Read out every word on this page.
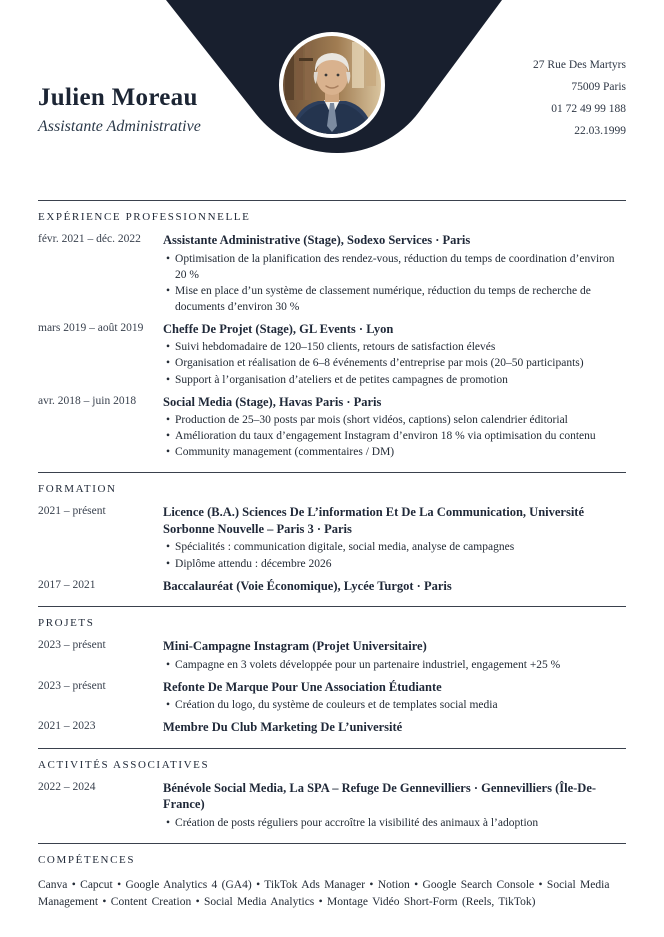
Julien Moreau

Assistante Administrative

27 Rue Des Martyrs
75009 Paris
01 72 49 99 188
22.03.1999
EXPÉRIENCE PROFESSIONNELLE
févr. 2021 – déc. 2022	Assistante Administrative (Stage), Sodexo Services · Paris
• Optimisation de la planification des rendez-vous, réduction du temps de coordination d’environ 20 %
• Mise en place d’un système de classement numérique, réduction du temps de recherche de documents d’environ 30 %
mars 2019 – août 2019	Cheffe De Projet (Stage), GL Events · Lyon
• Suivi hebdomadaire de 120–150 clients, retours de satisfaction élevés
• Organisation et réalisation de 6–8 événements d’entreprise par mois (20–50 participants)
• Support à l’organisation d’ateliers et de petites campagnes de promotion
avr. 2018 – juin 2018	Social Media (Stage), Havas Paris · Paris
• Production de 25–30 posts par mois (short vidéos, captions) selon calendrier éditorial
• Amélioration du taux d’engagement Instagram d’environ 18 % via optimisation du contenu
• Community management (commentaires / DM)
FORMATION
2021 – présent	Licence (B.A.) Sciences De L’information Et De La Communication, Université Sorbonne Nouvelle – Paris 3 · Paris
• Spécialités : communication digitale, social media, analyse de campagnes
• Diplôme attendu : décembre 2026
2017 – 2021	Baccalauréat (Voie Économique), Lycée Turgot · Paris
PROJETS
2023 – présent	Mini-Campagne Instagram (Projet Universitaire)
• Campagne en 3 volets développée pour un partenaire industriel, engagement +25 %
2023 – présent	Refonte De Marque Pour Une Association Étudiante
• Création du logo, du système de couleurs et de templates social media
2021 – 2023	Membre Du Club Marketing De L’université
ACTIVITÉS ASSOCIATIVES
2022 – 2024	Bénévole Social Media, La SPA – Refuge De Gennevilliers · Gennevilliers (Île-De-France)
• Création de posts réguliers pour accroître la visibilité des animaux à l’adoption
COMPÉTENCES

Canva • Capcut • Google Analytics 4 (GA4) • TikTok Ads Manager • Notion • Google Search Console • Social Media Management • Content Creation • Social Media Analytics • Montage Vidéo Short-Form (Reels, TikTok)
